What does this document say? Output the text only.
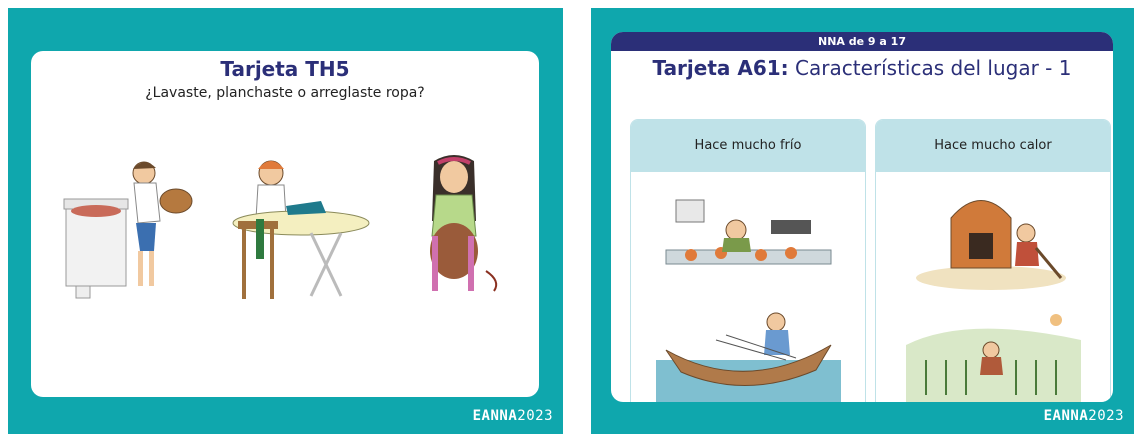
Tarjeta TH5
¿Lavaste, planchaste o arreglaste ropa?
EANNA2023
NNA de 9 a 17
Tarjeta A61: Características del lugar - 1
Hace mucho frío	Hace mucho calor
EANNA2023
